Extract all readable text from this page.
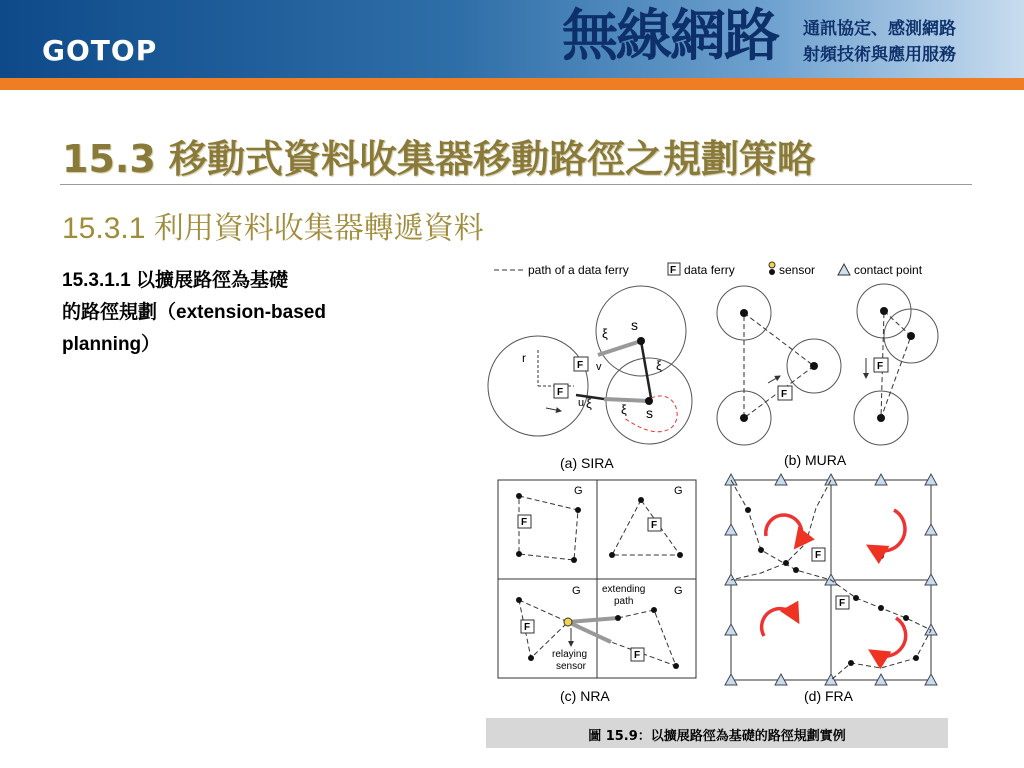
GOTOP	無線網路 通訊協定、感測網路
射頻技術與應用服務
15.3 移動式資料收集器移動路徑之規劃策略
15.3.1 利用資料收集器轉遞資料
15.3.1.1 以擴展路徑為基礎
的路徑規劃（extension-based
planning）
path of a data ferry	F data ferry	sensor	contact point
r
s
s
ξ
ξ
ξ
ξ
v
u
F
F
(a) SIRA
F
F
(b) MURA
G	G
G	G
F	F
F
F
extending
path
relaying
sensor
(c) NRA
F
F
(d) FRA
圖 15.9：以擴展路徑為基礎的路徑規劃實例
